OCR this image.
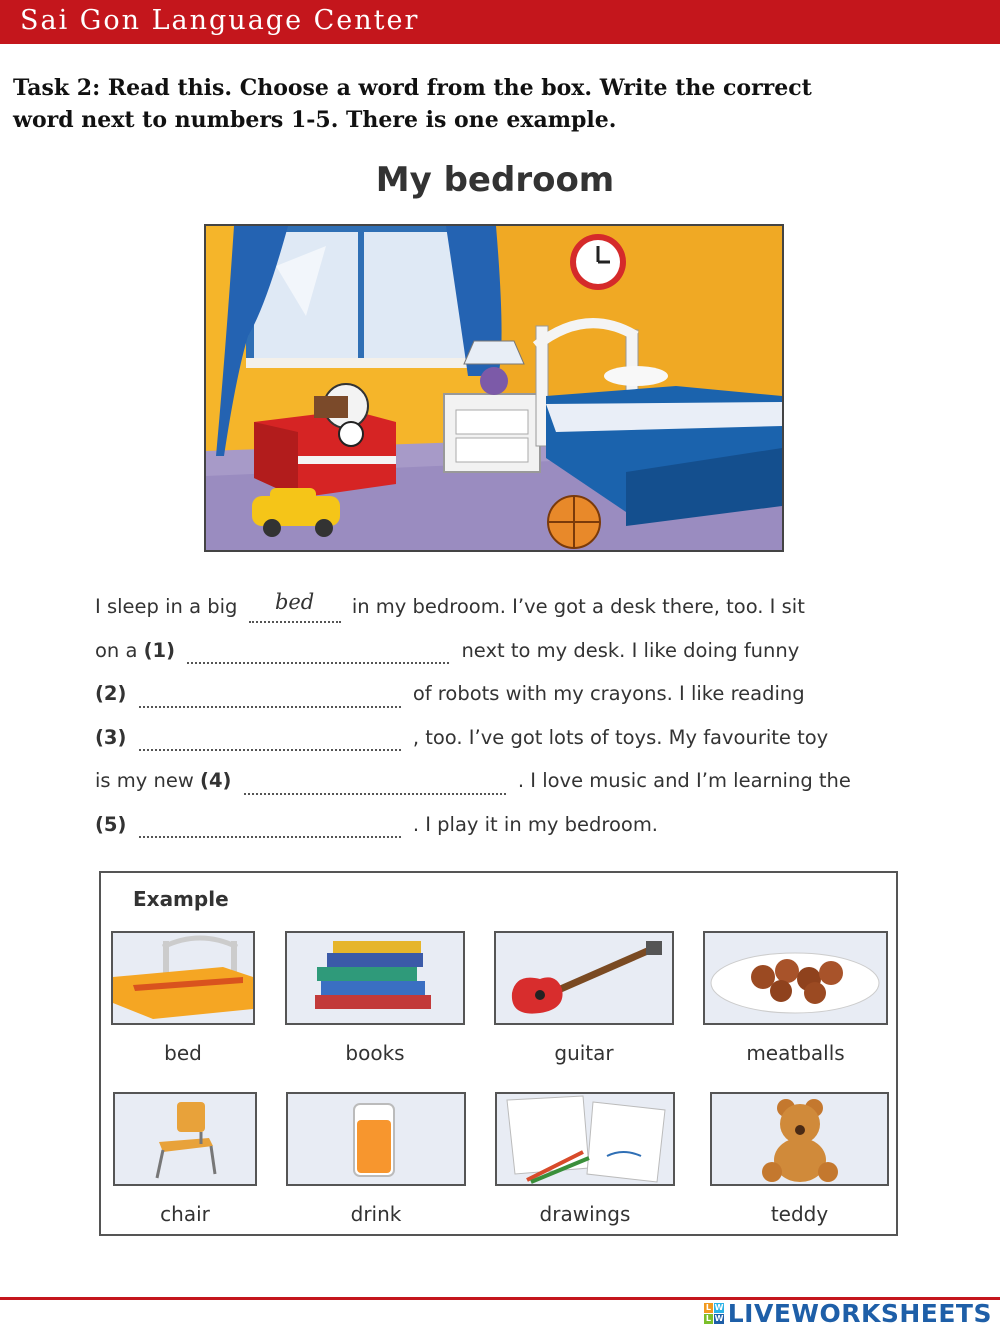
Sai Gon Language Center
Task 2: Read this. Choose a word from the box. Write the correct
word next to numbers 1-5. There is one example.
My bedroom
I sleep in a big bed in my bedroom. I’ve got a desk there, too. I sit
on a (1)	next to my desk. I like doing funny
(2)	of robots with my crayons. I like reading
(3)	, too. I’ve got lots of toys. My favourite toy
is my new (4)	. I love music and I’m learning the
(5)	. I play it in my bedroom.
Example
bed	books	guitar	meatballs
chair	drink	drawings	teddy
L W
L W LIVEWORKSHEETS
